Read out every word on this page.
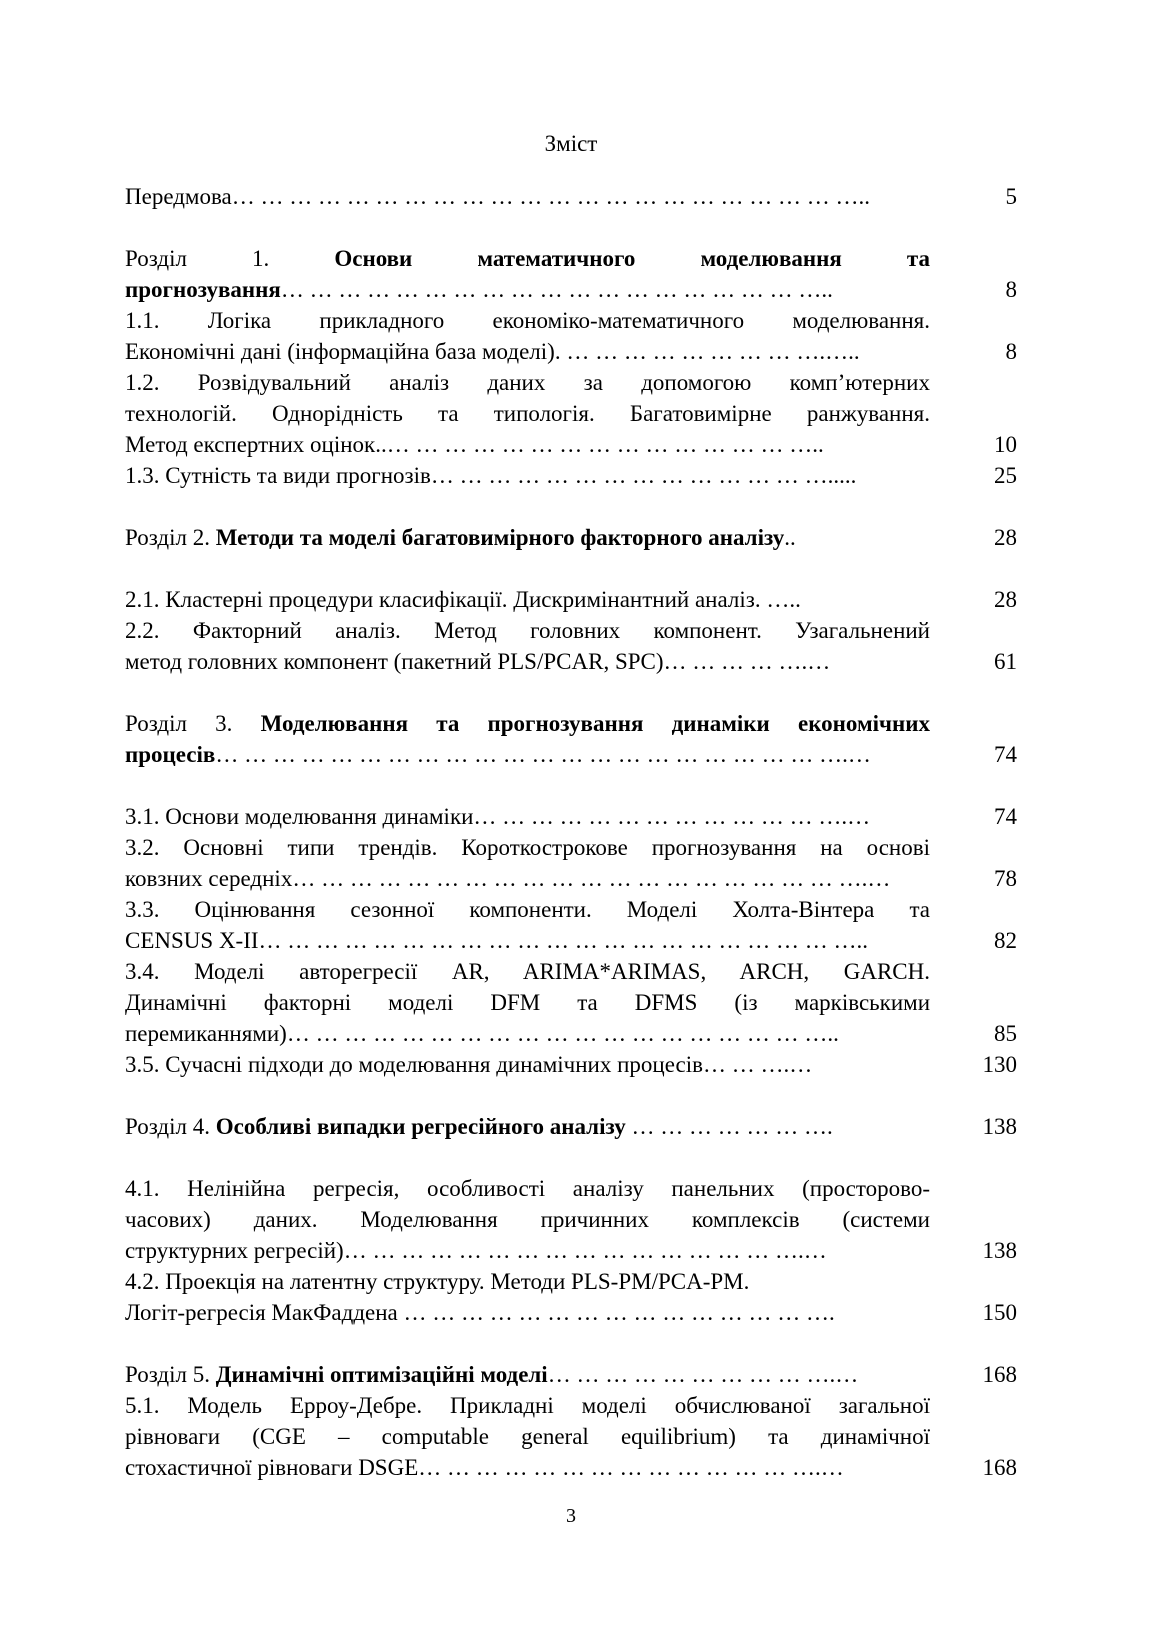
Зміст
Передмова… … … … … … … … … … … … … … … … … … … … … …..	5
Розділ 1. Основи математичного моделювання та
прогнозування… … … … … … … … … … … … … … … … … … …..	8
1.1. Логіка прикладного економіко-математичного моделювання.
Економічні дані (інформаційна база моделі). … … … … … … … … ….…..	8
1.2. Розвідувальний аналіз даних за допомогою комп’ютерних
технологій. Однорідність та типологія. Багатовимірне ранжування.
Метод експертних оцінок..… … … … … … … … … … … … … … …..	10
1.3. Сутність та види прогнозів… … … … … … … … … … … … … ….....	25
Розділ 2. Методи та моделі багатовимірного факторного аналізу..	28
2.1. Кластерні процедури класифікації. Дискримінантний аналіз. …..	28
2.2. Факторний аналіз. Метод головних компонент. Узагальнений
метод головних компонент (пакетний PLS/PCAR, SPC)… … … … ….…	61
Розділ 3. Моделювання та прогнозування динаміки економічних
процесів… … … … … … … … … … … … … … … … … … … … … ….…	74
3.1. Основи моделювання динаміки… … … … … … … … … … … … ….…	74
3.2. Основні типи трендів. Короткострокове прогнозування на основі
ковзних середніх… … … … … … … … … … … … … … … … … … … ….…	78
3.3. Оцінювання сезонної компоненти. Моделі Холта-Вінтера та
CENSUS X-II… … … … … … … … … … … … … … … … … … … … …..	82
3.4. Моделі авторегресії AR, ARIMA*ARIMAS, ARCH, GARCH.
Динамічні факторні моделі DFM та DFMS (із марківськими
перемиканнями)… … … … … … … … … … … … … … … … … … …..	85
3.5. Сучасні підходи до моделювання динамічних процесів… … ….…	130
Розділ 4. Особливі випадки регресійного аналізу … … … … … … ….	138
4.1. Нелінійна регресія, особливості аналізу панельних (просторово-
часових) даних. Моделювання причинних комплексів (системи
структурних регресій)… … … … … … … … … … … … … … … ….…	138
4.2. Проекція на латентну структуру. Методи PLS-PM/PCA-PM.
Логіт-регресія МакФаддена … … … … … … … … … … … … … … ….	150
Розділ 5. Динамічні оптимізаційні моделі… … … … … … … … … ….…	168
5.1. Модель Ерроу-Дебре. Прикладні моделі обчислюваної загальної
рівноваги (CGE – computable general equilibrium) та динамічної
стохастичної рівноваги DSGE… … … … … … … … … … … … … ….…	168
3
